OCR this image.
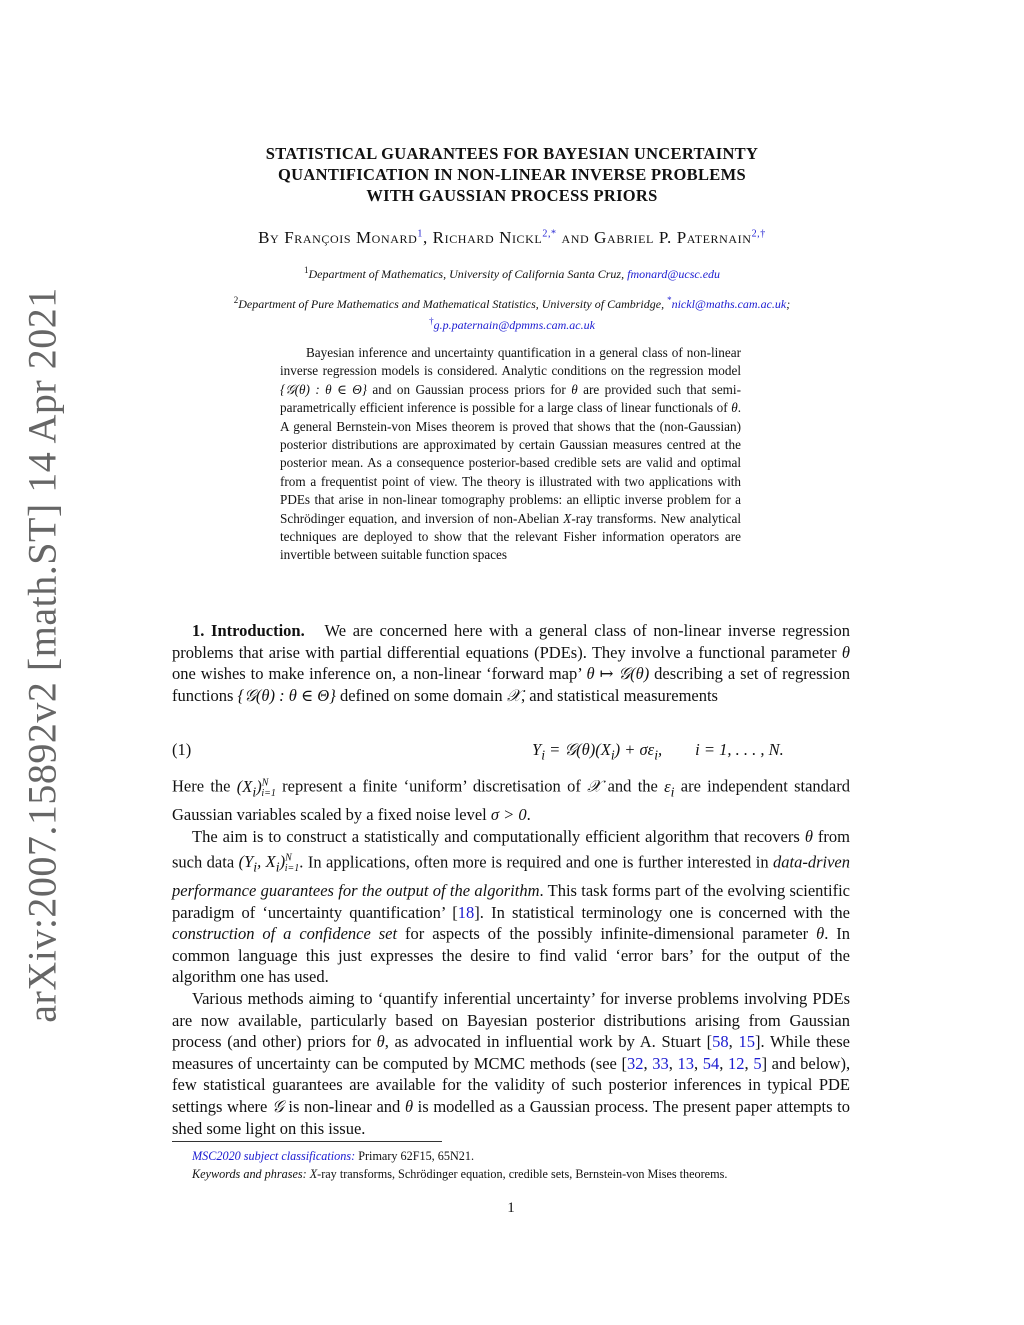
arXiv:2007.15892v2 [math.ST] 14 Apr 2021
STATISTICAL GUARANTEES FOR BAYESIAN UNCERTAINTY
QUANTIFICATION IN NON-LINEAR INVERSE PROBLEMS
WITH GAUSSIAN PROCESS PRIORS
By François Monard$^1$, Richard Nickl$^{2,*}$ and Gabriel P. Paternain$^{2,\dagger}$
$^1$Department of Mathematics, University of California Santa Cruz, fmonard@ucsc.edu
$^2$Department of Pure Mathematics and Mathematical Statistics, University of Cambridge, *nickl@maths.cam.ac.uk;
†g.p.paternain@dpmms.cam.ac.uk

Bayesian inference and uncertainty quantification in a general class of non-linear inverse regression models is considered. Analytic conditions on the regression model {𝒢(θ) : θ ∈ Θ} and on Gaussian process priors for θ are provided such that semi-parametrically efficient inference is possible for a large class of linear functionals of θ. A general Bernstein-von Mises theorem is proved that shows that the (non-Gaussian) posterior distributions are approximated by certain Gaussian measures centred at the posterior mean. As a consequence posterior-based credible sets are valid and optimal from a frequentist point of view. The theory is illustrated with two applications with PDEs that arise in non-linear tomography problems: an elliptic inverse problem for a Schrödinger equation, and inversion of non-Abelian X-ray transforms. New analytical techniques are deployed to show that the relevant Fisher information operators are invertible between suitable function spaces

1. Introduction. We are concerned here with a general class of non-linear inverse regression problems that arise with partial differential equations (PDEs). They involve a functional parameter θ one wishes to make inference on, a non-linear ‘forward map’ θ ↦ 𝒢(θ) describing a set of regression functions {𝒢(θ) : θ ∈ Θ} defined on some domain 𝒳, and statistical measurements

(1)	$Y_i$ = $𝒢(\theta)(X_i) + \sigma\varepsilon_i$,        i = 1, . . . , N.

Here the $(X_i)^N_{i=1}$ represent a finite ‘uniform’ discretisation of 𝒳 and the $\varepsilon_i$ are independent standard Gaussian variables scaled by a fixed noise level σ > 0.

The aim is to construct a statistically and computationally efficient algorithm that recovers θ from such data ($Y_i$, $X_i)^N_{i=1}$. In applications, often more is required and one is further interested in data-driven performance guarantees for the output of the algorithm. This task forms part of the evolving scientific paradigm of ‘uncertainty quantification’ [18]. In statistical terminology one is concerned with the construction of a confidence set for aspects of the possibly infinite-dimensional parameter θ. In common language this just expresses the desire to find valid ‘error bars’ for the output of the algorithm one has used.

Various methods aiming to ‘quantify inferential uncertainty’ for inverse problems involving PDEs are now available, particularly based on Bayesian posterior distributions arising from Gaussian process (and other) priors for θ, as advocated in influential work by A. Stuart [58, 15]. While these measures of uncertainty can be computed by MCMC methods (see [32, 33, 13, 54, 12, 5] and below), few statistical guarantees are available for the validity of such posterior inferences in typical PDE settings where 𝒢 is non-linear and θ is modelled as a Gaussian process. The present paper attempts to shed some light on this issue.

MSC2020 subject classifications: Primary 62F15, 65N21.
Keywords and phrases: X-ray transforms, Schrödinger equation, credible sets, Bernstein-von Mises theorems.
1
